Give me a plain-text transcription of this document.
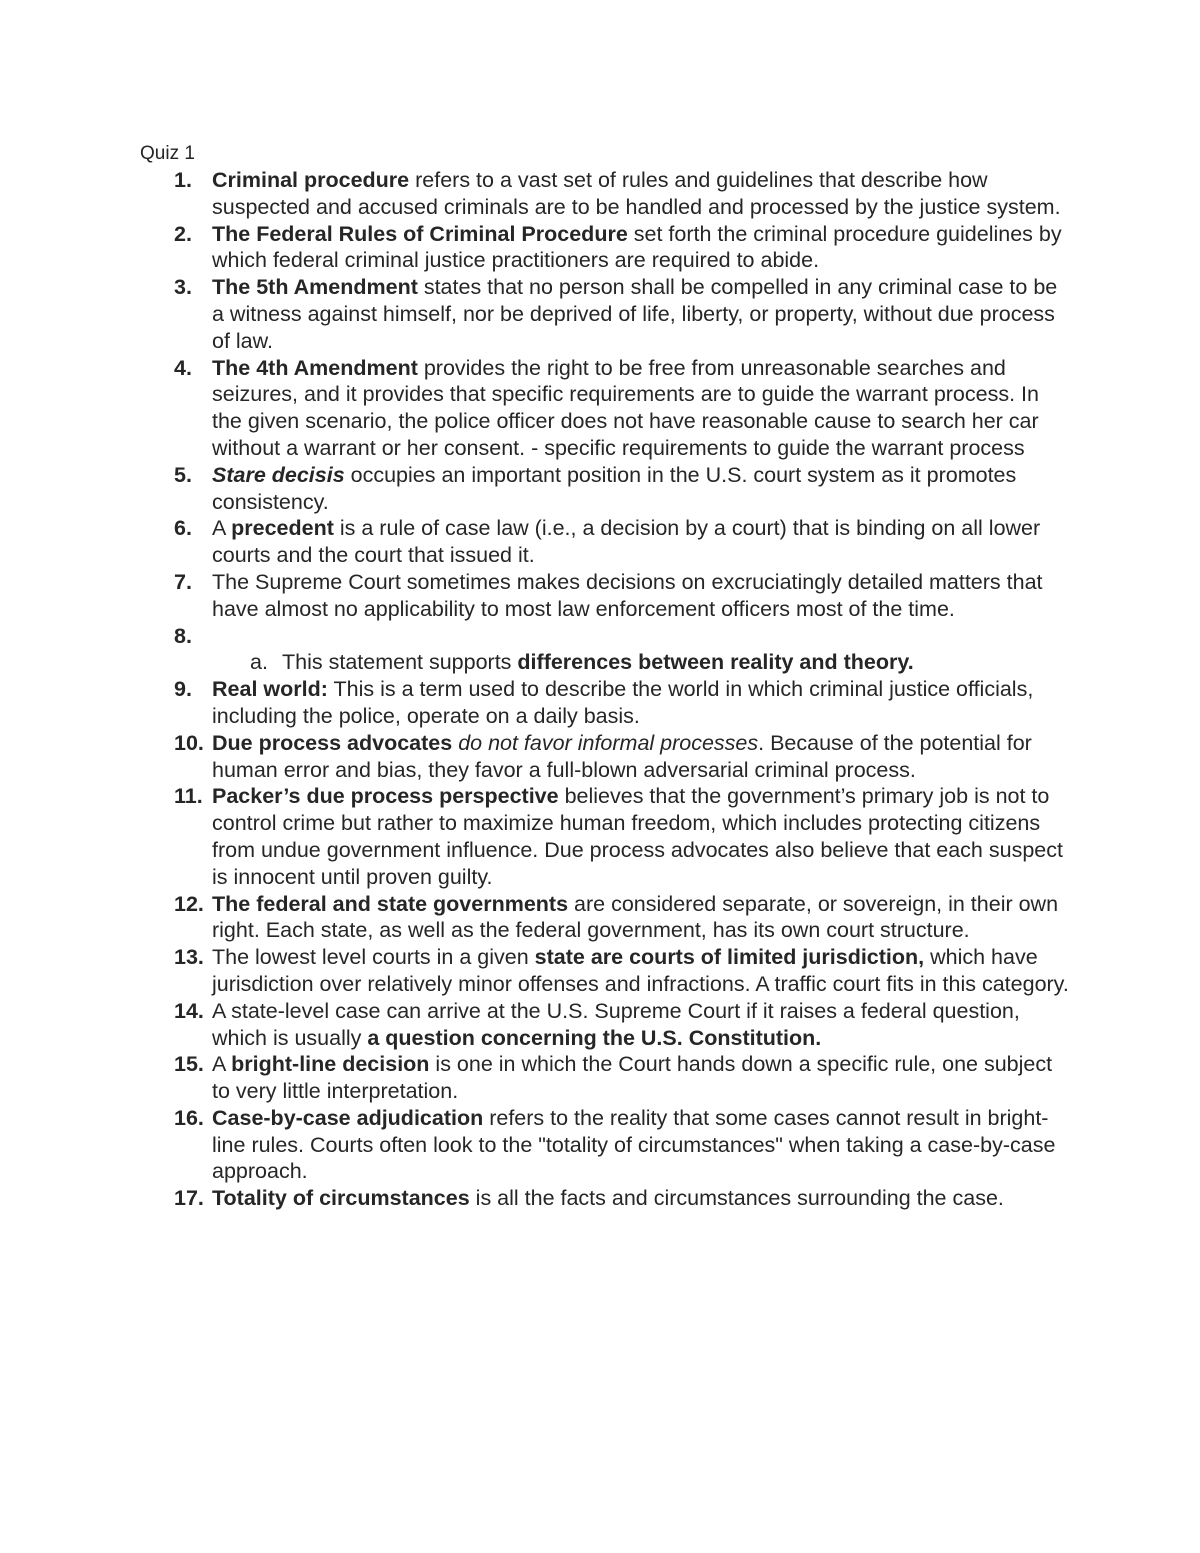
Quiz 1

1. Criminal procedure refers to a vast set of rules and guidelines that describe how suspected and accused criminals are to be handled and processed by the justice system.
2. The Federal Rules of Criminal Procedure set forth the criminal procedure guidelines by which federal criminal justice practitioners are required to abide.
3. The 5th Amendment states that no person shall be compelled in any criminal case to be a witness against himself, nor be deprived of life, liberty, or property, without due process of law.
4. The 4th Amendment provides the right to be free from unreasonable searches and seizures, and it provides that specific requirements are to guide the warrant process. In the given scenario, the police officer does not have reasonable cause to search her car without a warrant or her consent. - specific requirements to guide the warrant process
5. Stare decisis occupies an important position in the U.S. court system as it promotes consistency.
6. A precedent is a rule of case law (i.e., a decision by a court) that is binding on all lower courts and the court that issued it.
7. The Supreme Court sometimes makes decisions on excruciatingly detailed matters that have almost no applicability to most law enforcement officers most of the time.
8.

a. This statement supports differences between reality and theory.
9. Real world: This is a term used to describe the world in which criminal justice officials, including the police, operate on a daily basis.
10. Due process advocates do not favor informal processes. Because of the potential for human error and bias, they favor a full-blown adversarial criminal process.
11. Packer’s due process perspective believes that the government’s primary job is not to control crime but rather to maximize human freedom, which includes protecting citizens from undue government influence. Due process advocates also believe that each suspect is innocent until proven guilty.
12. The federal and state governments are considered separate, or sovereign, in their own right. Each state, as well as the federal government, has its own court structure.
13. The lowest level courts in a given state are courts of limited jurisdiction, which have jurisdiction over relatively minor offenses and infractions. A traffic court fits in this category.
14. A state-level case can arrive at the U.S. Supreme Court if it raises a federal question, which is usually a question concerning the U.S. Constitution.
15. A bright-line decision is one in which the Court hands down a specific rule, one subject to very little interpretation.
16. Case-by-case adjudication refers to the reality that some cases cannot result in bright-line rules. Courts often look to the "totality of circumstances" when taking a case-by-case approach.
17. Totality of circumstances is all the facts and circumstances surrounding the case.
